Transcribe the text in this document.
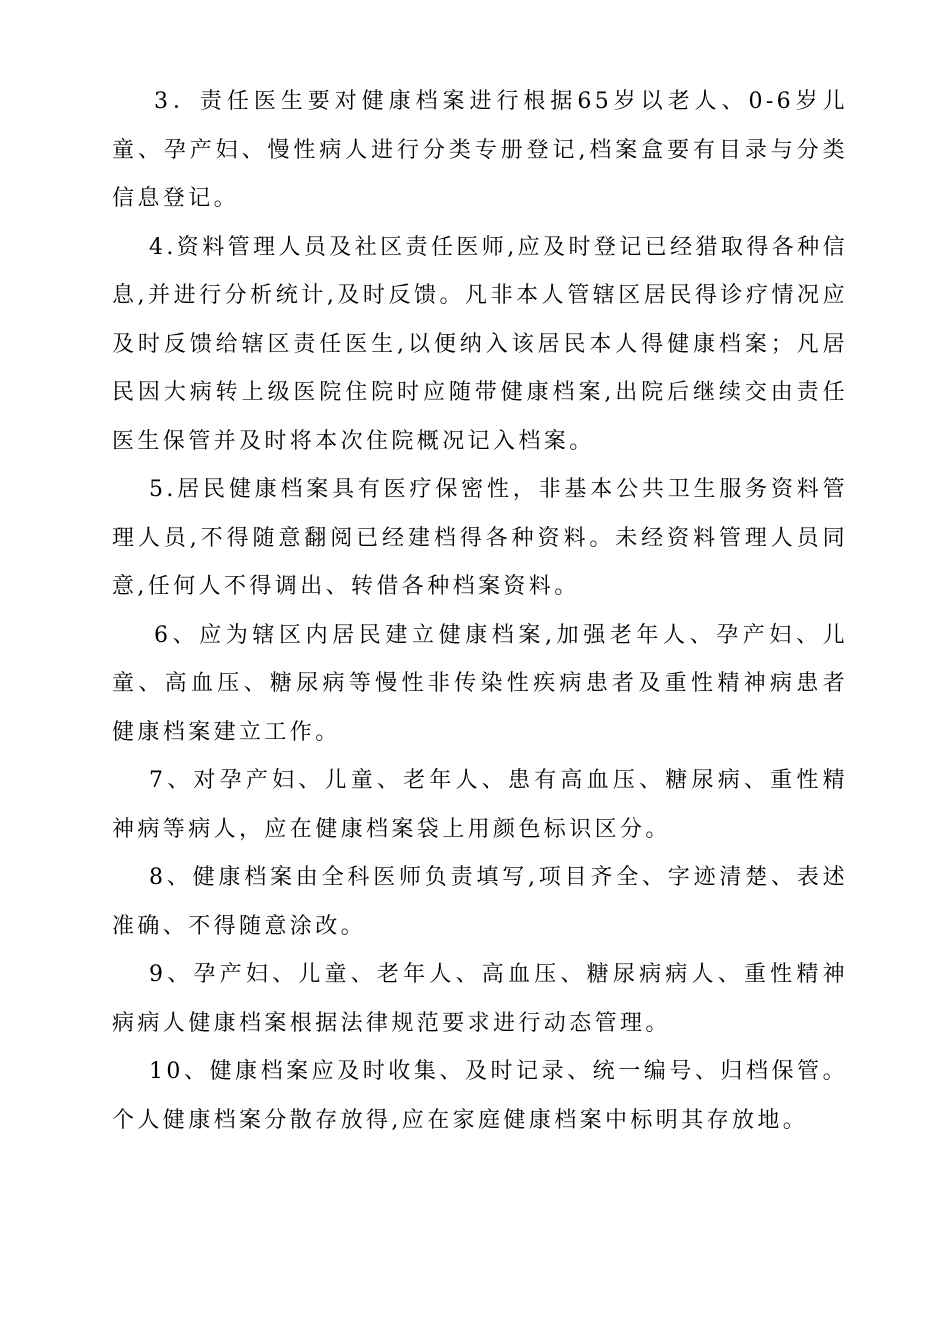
3．责任医生要对健康档案进行根据65岁以老人、0-6岁儿童、孕产妇、慢性病人进行分类专册登记,档案盒要有目录与分类信息登记。

4.资料管理人员及社区责任医师,应及时登记已经猎取得各种信息,并进行分析统计,及时反馈。凡非本人管辖区居民得诊疗情况应及时反馈给辖区责任医生,以便纳入该居民本人得健康档案；凡居民因大病转上级医院住院时应随带健康档案,出院后继续交由责任医生保管并及时将本次住院概况记入档案。

5.居民健康档案具有医疗保密性，非基本公共卫生服务资料管理人员,不得随意翻阅已经建档得各种资料。未经资料管理人员同意,任何人不得调出、转借各种档案资料。

6、应为辖区内居民建立健康档案,加强老年人、孕产妇、儿童、高血压、糖尿病等慢性非传染性疾病患者及重性精神病患者健康档案建立工作。

7、对孕产妇、儿童、老年人、患有高血压、糖尿病、重性精神病等病人，应在健康档案袋上用颜色标识区分。

8、健康档案由全科医师负责填写,项目齐全、字迹清楚、表述准确、不得随意涂改。

9、孕产妇、儿童、老年人、高血压、糖尿病病人、重性精神病病人健康档案根据法律规范要求进行动态管理。

10、健康档案应及时收集、及时记录、统一编号、归档保管。个人健康档案分散存放得,应在家庭健康档案中标明其存放地。
